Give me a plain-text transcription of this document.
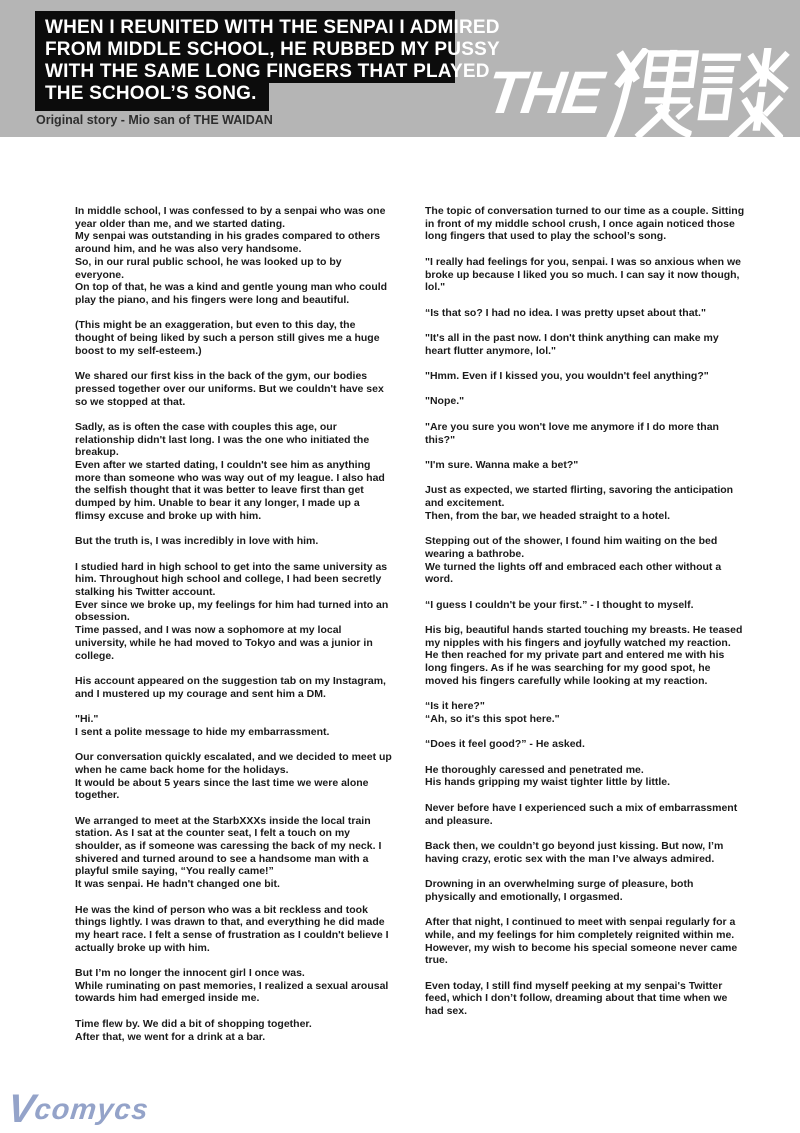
THE
WHEN I REUNITED WITH THE SENPAI I ADMIRED
FROM MIDDLE SCHOOL, HE RUBBED MY PUSSY
WITH THE SAME LONG FINGERS THAT PLAYED
THE SCHOOL’S SONG.
Original story - Mio san of THE WAIDAN

In middle school, I was confessed to by a senpai who was one year older than me, and we started dating.
My senpai was outstanding in his grades compared to others around him, and he was also very handsome.
So, in our rural public school, he was looked up to by everyone.
On top of that, he was a kind and gentle young man who could play the piano, and his fingers were long and beautiful.

(This might be an exaggeration, but even to this day, the thought of being liked by such a person still gives me a huge boost to my self-esteem.)

We shared our first kiss in the back of the gym, our bodies pressed together over our uniforms. But we couldn't have sex so we stopped at that.

Sadly, as is often the case with couples this age, our relationship didn't last long. I was the one who initiated the breakup.
Even after we started dating, I couldn't see him as anything more than someone who was way out of my league. I also had the selfish thought that it was better to leave first than get dumped by him. Unable to bear it any longer, I made up a flimsy excuse and broke up with him.

But the truth is, I was incredibly in love with him.

I studied hard in high school to get into the same university as him. Throughout high school and college, I had been secretly stalking his Twitter account.
Ever since we broke up, my feelings for him had turned into an obsession.
Time passed, and I was now a sophomore at my local university, while he had moved to Tokyo and was a junior in college.

His account appeared on the suggestion tab on my Instagram, and I mustered up my courage and sent him a DM.

"Hi."
I sent a polite message to hide my embarrassment.

Our conversation quickly escalated, and we decided to meet up when he came back home for the holidays.
It would be about 5 years since the last time we were alone together.

We arranged to meet at the StarbXXXs inside the local train station. As I sat at the counter seat, I felt a touch on my shoulder, as if someone was caressing the back of my neck. I shivered and turned around to see a handsome man with a playful smile saying, “You really came!”
It was senpai. He hadn't changed one bit.

He was the kind of person who was a bit reckless and took things lightly. I was drawn to that, and everything he did made my heart race. I felt a sense of frustration as I couldn't believe I actually broke up with him.

But I’m no longer the innocent girl I once was.
While ruminating on past memories, I realized a sexual arousal towards him had emerged inside me.

Time flew by. We did a bit of shopping together.
After that, we went for a drink at a bar.

The topic of conversation turned to our time as a couple. Sitting in front of my middle school crush, I once again noticed those long fingers that used to play the school’s song.

"I really had feelings for you, senpai. I was so anxious when we broke up because I liked you so much. I can say it now though, lol."

“Is that so? I had no idea. I was pretty upset about that."

"It's all in the past now. I don't think anything can make my heart flutter anymore, lol."

"Hmm. Even if I kissed you, you wouldn't feel anything?"

"Nope."

"Are you sure you won't love me anymore if I do more than this?"

"I'm sure. Wanna make a bet?"

Just as expected, we started flirting, savoring the anticipation and excitement.
Then, from the bar, we headed straight to a hotel.

Stepping out of the shower, I found him waiting on the bed wearing a bathrobe.
We turned the lights off and embraced each other without a word.

“I guess I couldn't be your first.” - I thought to myself.

His big, beautiful hands started touching my breasts. He teased my nipples with his fingers and joyfully watched my reaction. He then reached for my private part and entered me with his long fingers. As if he was searching for my good spot, he moved his fingers carefully while looking at my reaction.

“Is it here?"
“Ah, so it's this spot here."

“Does it feel good?” - He asked.

He thoroughly caressed and penetrated me.
His hands gripping my waist tighter little by little.

Never before have I experienced such a mix of embarrassment and pleasure.

Back then, we couldn’t go beyond just kissing. But now, I’m having crazy, erotic sex with the man I’ve always admired.

Drowning in an overwhelming surge of pleasure, both physically and emotionally, I orgasmed.

After that night, I continued to meet with senpai regularly for a while, and my feelings for him completely reignited within me. However, my wish to become his special someone never came true.

Even today, I still find myself peeking at my senpai's Twitter feed, which I don’t follow, dreaming about that time when we had sex.

Vcomycs
